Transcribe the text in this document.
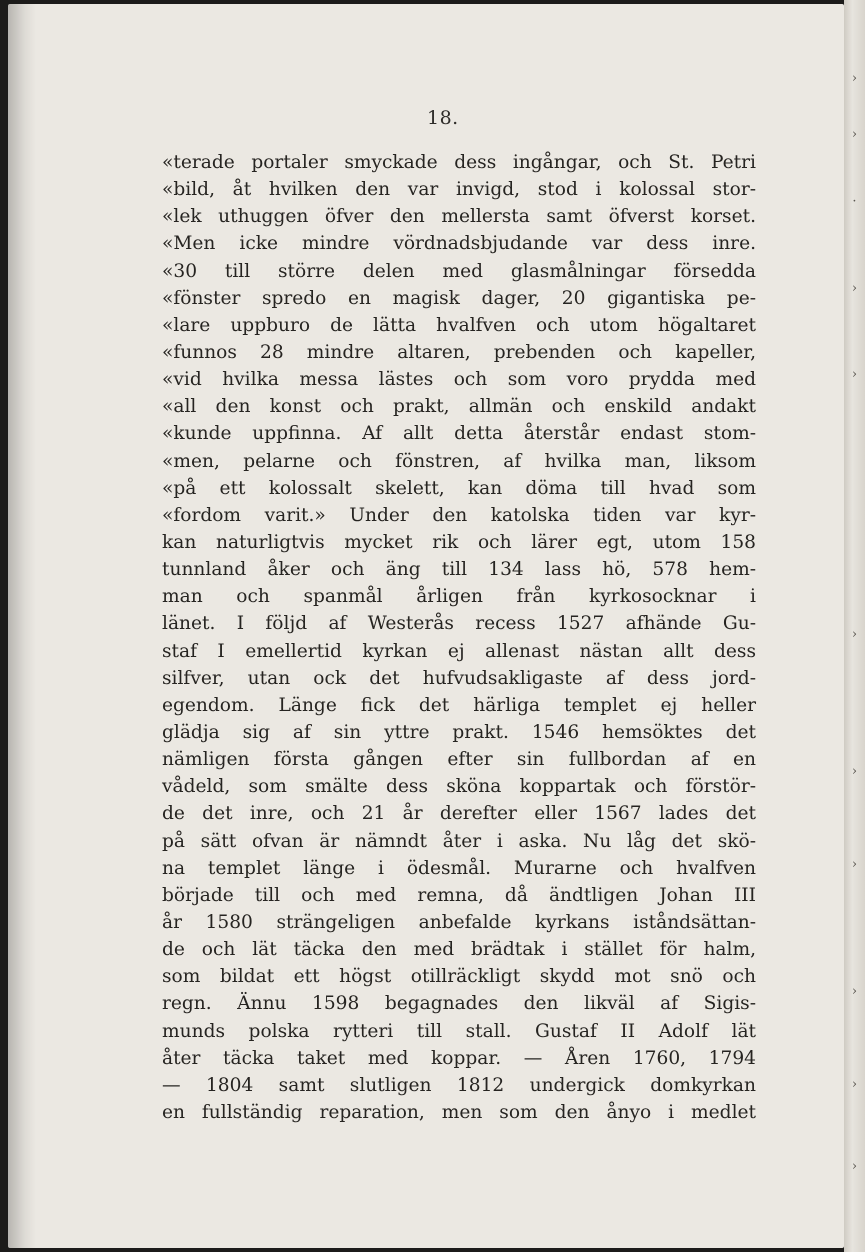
›
›
·
›
›
›
›
›
›
›
›
18.
«terade portaler smyckade dess ingångar, och St. Petri
«bild, åt hvilken den var invigd, stod i kolossal stor-
«lek uthuggen öfver den mellersta samt öfverst korset.
«Men icke mindre vördnadsbjudande var dess inre.
«30 till större delen med glasmålningar försedda
«fönster spredo en magisk dager, 20 gigantiska pe-
«lare uppburo de lätta hvalfven och utom högaltaret
«funnos 28 mindre altaren, prebenden och kapeller,
«vid hvilka messa lästes och som voro prydda med
«all den konst och prakt, allmän och enskild andakt
«kunde uppfinna. Af allt detta återstår endast stom-
«men, pelarne och fönstren, af hvilka man, liksom
«på ett kolossalt skelett, kan döma till hvad som
«fordom varit.» Under den katolska tiden var kyr-
kan naturligtvis mycket rik och lärer egt, utom 158
tunnland åker och äng till 134 lass hö, 578 hem-
man och spanmål årligen från kyrkosocknar i
länet. I följd af Westerås recess 1527 afhände Gu-
staf I emellertid kyrkan ej allenast nästan allt dess
silfver, utan ock det hufvudsakligaste af dess jord-
egendom. Länge fick det härliga templet ej heller
glädja sig af sin yttre prakt. 1546 hemsöktes det
nämligen första gången efter sin fullbordan af en
vådeld, som smälte dess sköna koppartak och förstör-
de det inre, och 21 år derefter eller 1567 lades det
på sätt ofvan är nämndt åter i aska. Nu låg det skö-
na templet länge i ödesmål. Murarne och hvalfven
började till och med remna, då ändtligen Johan III
år 1580 strängeligen anbefalde kyrkans iståndsättan-
de och lät täcka den med brädtak i stället för halm,
som bildat ett högst otillräckligt skydd mot snö och
regn. Ännu 1598 begagnades den likväl af Sigis-
munds polska rytteri till stall. Gustaf II Adolf lät
åter täcka taket med koppar. — Åren 1760, 1794
— 1804 samt slutligen 1812 undergick domkyrkan
en fullständig reparation, men som den ånyo i medlet
